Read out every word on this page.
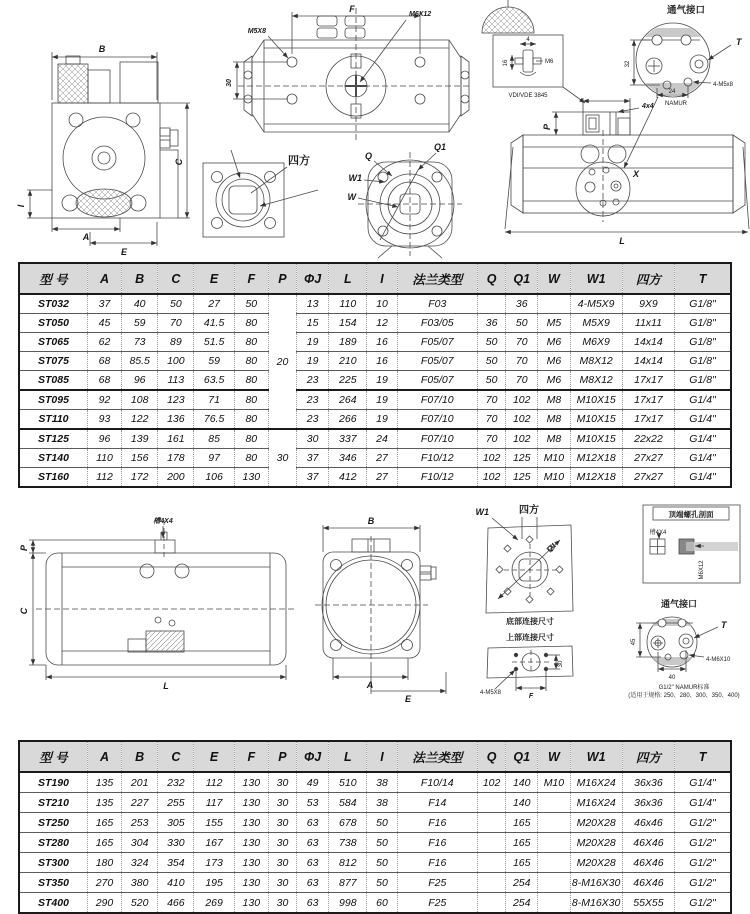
B
C
I
A
E
F
M5X8
M6X12
30
四方	Q
Q1
W1
W
VDI/VDE 3845
4
M6
16
通气接口
T
4-M5x8
32
24
NAMUR
P
4x4
X
L
型 号	A	B	C	E	F	P	ΦJ	L	I	法兰类型	Q	Q1	W	W1	四方	T
ST032	37	40	50	27	50	20	13	110	10	F03		36		4-M5X9	9X9	G1/8"
ST050	45	59	70	41.5	80		15	154	12	F03/05	36	50	M5	M5X9	11x11	G1/8"
ST065	62	73	89	51.5	80		19	189	16	F05/07	50	70	M6	M6X9	14x14	G1/8"
ST075	68	85.5	100	59	80		19	210	16	F05/07	50	70	M6	M8X12	14x14	G1/8"
ST085	68	96	113	63.5	80		23	225	19	F05/07	50	70	M6	M8X12	17x17	G1/8"
ST095	92	108	123	71	80		23	264	19	F07/10	70	102	M8	M10X15	17x17	G1/4"
ST110	93	122	136	76.5	80		23	266	19	F07/10	70	102	M8	M10X15	17x17	G1/4"
ST125	96	139	161	85	80	30	30	337	24	F07/10	70	102	M8	M10X15	22x22	G1/4"
ST140	110	156	178	97	80		37	346	27	F10/12	102	125	M10	M12X18	27x27	G1/4"
ST160	112	172	200	106	130		37	412	27	F10/12	102	125	M10	M12X18	27x27	G1/4"
槽4X4
P
C
L
B
A
E
四方
W1
Q1
底部连接尺寸
上部连接尺寸
30
F
4-M5X8
顶端螺孔剖面
槽4X4
M6X12
通气接口
T
4-M6X10
45
40
G1/2" NAMUR标准
(适用于规格: 250、280、300、350、400)
型 号	A	B	C	E	F	P	ΦJ	L	I	法兰类型	Q	Q1	W	W1	四方	T
ST190	135	201	232	112	130	30	49	510	38	F10/14	102	140	M10	M16X24	36x36	G1/4"
ST210	135	227	255	117	130	30	53	584	38	F14		140		M16X24	36x36	G1/4"
ST250	165	253	305	155	130	30	63	678	50	F16		165		M20X28	46x46	G1/2"
ST280	165	304	330	167	130	30	63	738	50	F16		165		M20X28	46X46	G1/2"
ST300	180	324	354	173	130	30	63	812	50	F16		165		M20X28	46X46	G1/2"
ST350	270	380	410	195	130	30	63	877	50	F25		254		8-M16X30	46X46	G1/2"
ST400	290	520	466	269	130	30	63	998	60	F25		254		8-M16X30	55X55	G1/2"
